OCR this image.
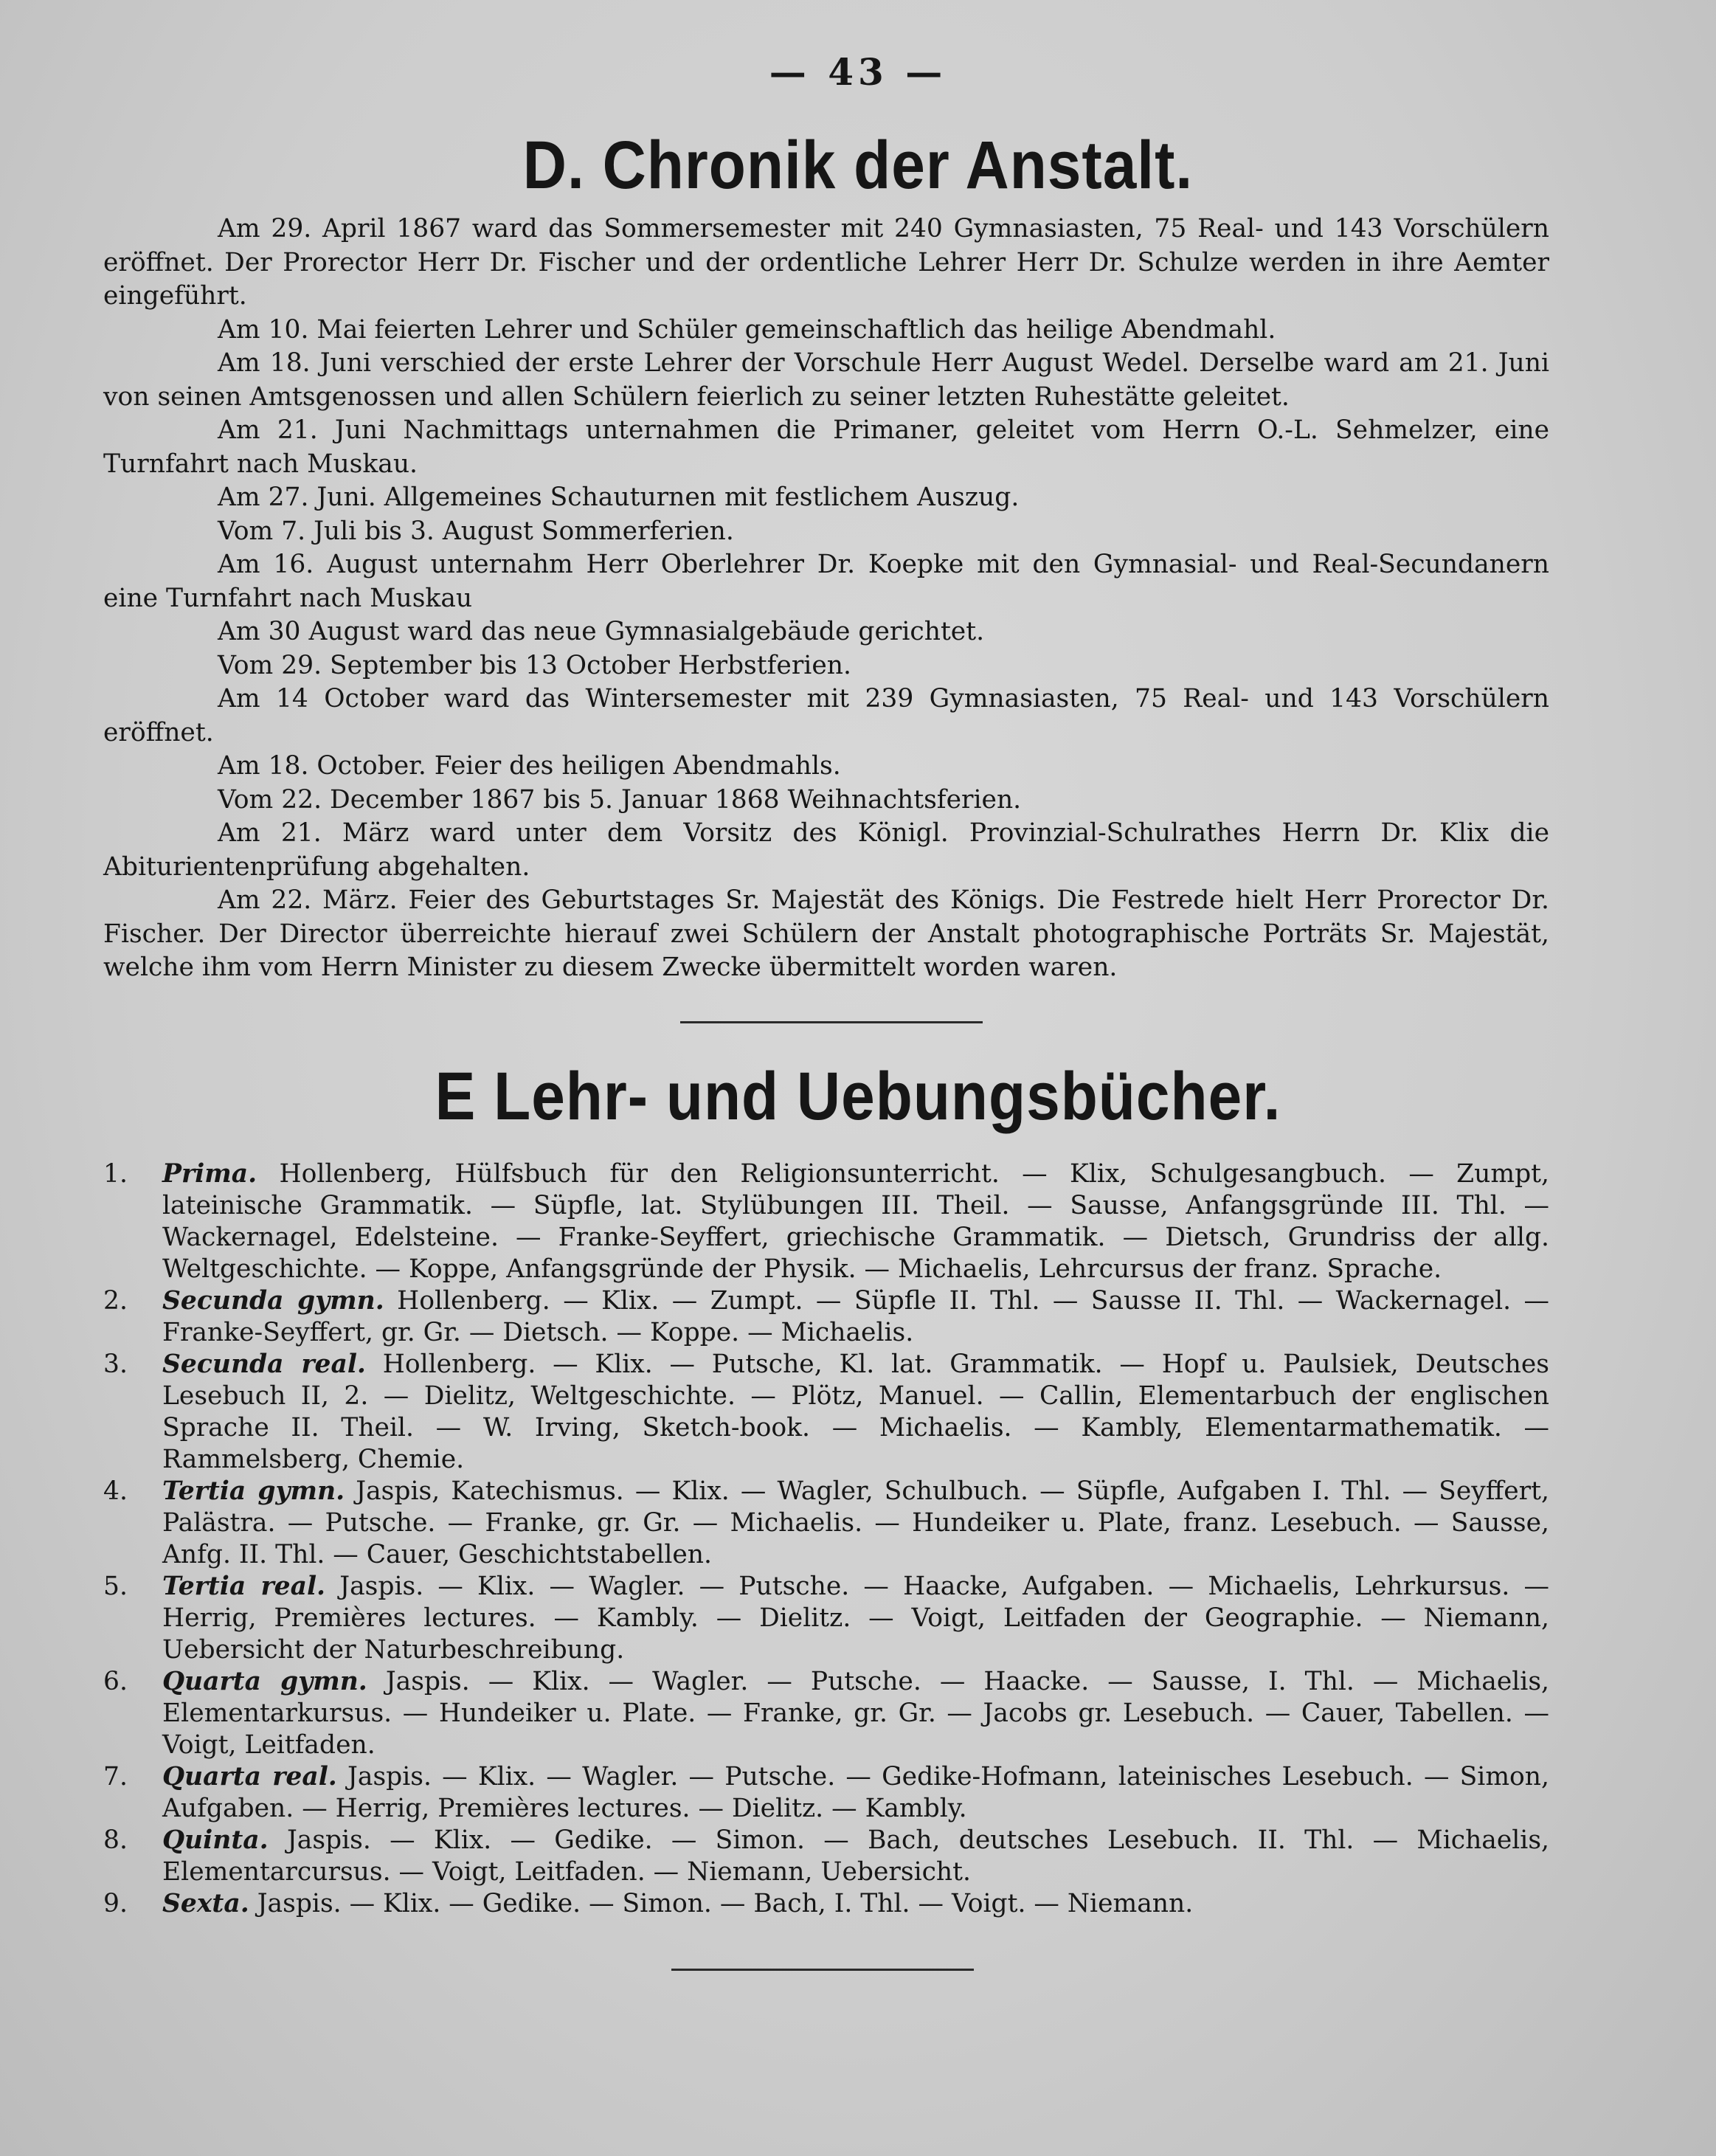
— 43 —
D. Chronik der Anstalt.

Am 29. April 1867 ward das Sommersemester mit 240 Gymnasiasten, 75 Real- und 143 Vorschülern eröffnet. Der Prorector Herr Dr. Fischer und der ordentliche Lehrer Herr Dr. Schulze werden in ihre Aemter eingeführt.

Am 10. Mai feierten Lehrer und Schüler gemeinschaftlich das heilige Abendmahl.

Am 18. Juni verschied der erste Lehrer der Vorschule Herr August Wedel. Derselbe ward am 21. Juni von seinen Amtsgenossen und allen Schülern feierlich zu seiner letzten Ruhestätte geleitet.

Am 21. Juni Nachmittags unternahmen die Primaner, geleitet vom Herrn O.-L. Sehmelzer, eine Turnfahrt nach Muskau.

Am 27. Juni. Allgemeines Schauturnen mit festlichem Auszug.

Vom 7. Juli bis 3. August Sommerferien.

Am 16. August unternahm Herr Oberlehrer Dr. Koepke mit den Gymnasial- und Real-Secundanern eine Turnfahrt nach Muskau

Am 30 August ward das neue Gymnasialgebäude gerichtet.

Vom 29. September bis 13 October Herbstferien.

Am 14 October ward das Wintersemester mit 239 Gymnasiasten, 75 Real- und 143 Vorschülern eröffnet.

Am 18. October. Feier des heiligen Abendmahls.

Vom 22. December 1867 bis 5. Januar 1868 Weihnachtsferien.

Am 21. März ward unter dem Vorsitz des Königl. Provinzial-Schulrathes Herrn Dr. Klix die Abiturientenprüfung abgehalten.

Am 22. März. Feier des Geburtstages Sr. Majestät des Königs. Die Festrede hielt Herr Prorector Dr. Fischer. Der Director überreichte hierauf zwei Schülern der Anstalt photographische Porträts Sr. Majestät, welche ihm vom Herrn Minister zu diesem Zwecke übermittelt worden waren.

E Lehr- und Uebungsbücher.
1. Prima. Hollenberg, Hülfsbuch für den Religionsunterricht. — Klix, Schulgesangbuch. — Zumpt, lateinische Grammatik. — Süpfle, lat. Stylübungen III. Theil. — Sausse, Anfangsgründe III. Thl. — Wackernagel, Edelsteine. — Franke-Seyffert, griechische Grammatik. — Dietsch, Grundriss der allg. Weltgeschichte. — Koppe, Anfangsgründe der Physik. — Michaelis, Lehrcursus der franz. Sprache.
2. Secunda gymn. Hollenberg. — Klix. — Zumpt. — Süpfle II. Thl. — Sausse II. Thl. — Wackernagel. — Franke-Seyffert, gr. Gr. — Dietsch. — Koppe. — Michaelis.
3. Secunda real. Hollenberg. — Klix. — Putsche, Kl. lat. Grammatik. — Hopf u. Paulsiek, Deutsches Lesebuch II, 2. — Dielitz, Weltgeschichte. — Plötz, Manuel. — Callin, Elementarbuch der englischen Sprache II. Theil. — W. Irving, Sketch-book. — Michaelis. — Kambly, Elementarmathematik. — Rammelsberg, Chemie.
4. Tertia gymn. Jaspis, Katechismus. — Klix. — Wagler, Schulbuch. — Süpfle, Aufgaben I. Thl. — Seyffert, Palästra. — Putsche. — Franke, gr. Gr. — Michaelis. — Hundeiker u. Plate, franz. Lesebuch. — Sausse, Anfg. II. Thl. — Cauer, Geschichtstabellen.
5. Tertia real. Jaspis. — Klix. — Wagler. — Putsche. — Haacke, Aufgaben. — Michaelis, Lehrkursus. — Herrig, Premières lectures. — Kambly. — Dielitz. — Voigt, Leitfaden der Geographie. — Niemann, Uebersicht der Naturbeschreibung.
6. Quarta gymn. Jaspis. — Klix. — Wagler. — Putsche. — Haacke. — Sausse, I. Thl. — Michaelis, Elementarkursus. — Hundeiker u. Plate. — Franke, gr. Gr. — Jacobs gr. Lesebuch. — Cauer, Tabellen. — Voigt, Leitfaden.
7. Quarta real. Jaspis. — Klix. — Wagler. — Putsche. — Gedike-Hofmann, lateinisches Lesebuch. — Simon, Aufgaben. — Herrig, Premières lectures. — Dielitz. — Kambly.
8. Quinta. Jaspis. — Klix. — Gedike. — Simon. — Bach, deutsches Lesebuch. II. Thl. — Michaelis, Elementarcursus. — Voigt, Leitfaden. — Niemann, Uebersicht.
9. Sexta. Jaspis. — Klix. — Gedike. — Simon. — Bach, I. Thl. — Voigt. — Niemann.
